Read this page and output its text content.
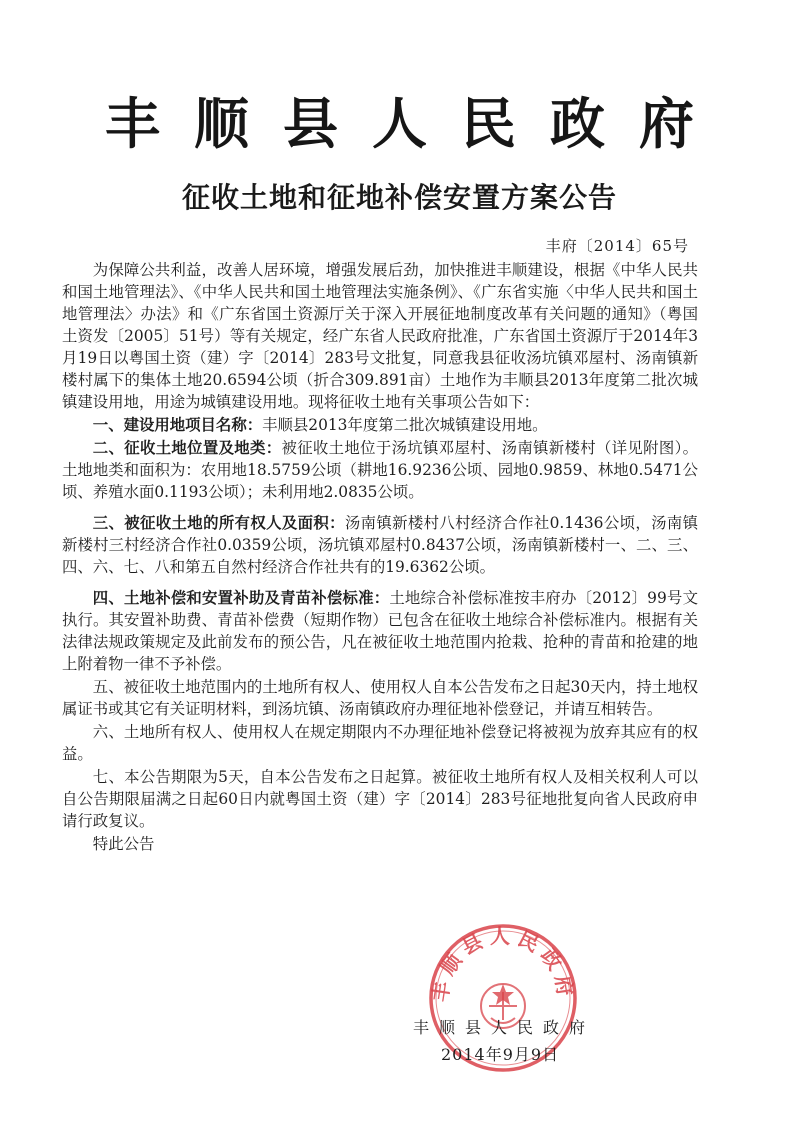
丰顺县人民政府
征收土地和征地补偿安置方案公告
丰府〔2014〕65号

为保障公共利益，改善人居环境，增强发展后劲，加快推进丰顺建设，根据《中华人民共和国土地管理法》、《中华人民共和国土地管理法实施条例》、《广东省实施〈中华人民共和国土地管理法〉办法》和《广东省国土资源厅关于深入开展征地制度改革有关问题的通知》（粤国土资发〔2005〕51号）等有关规定，经广东省人民政府批准，广东省国土资源厅于2014年3月19日以粤国土资（建）字〔2014〕283号文批复，同意我县征收汤坑镇邓屋村、汤南镇新楼村属下的集体土地20.6594公顷（折合309.891亩）土地作为丰顺县2013年度第二批次城镇建设用地，用途为城镇建设用地。现将征收土地有关事项公告如下：

一、建设用地项目名称：丰顺县2013年度第二批次城镇建设用地。

二、征收土地位置及地类：被征收土地位于汤坑镇邓屋村、汤南镇新楼村（详见附图）。土地地类和面积为：农用地18.5759公顷（耕地16.9236公顷、园地0.9859、林地0.5471公顷、养殖水面0.1193公顷）；未利用地2.0835公顷。

三、被征收土地的所有权人及面积：汤南镇新楼村八村经济合作社0.1436公顷，汤南镇新楼村三村经济合作社0.0359公顷，汤坑镇邓屋村0.8437公顷，汤南镇新楼村一、二、三、四、六、七、八和第五自然村经济合作社共有的19.6362公顷。

四、土地补偿和安置补助及青苗补偿标准：土地综合补偿标准按丰府办〔2012〕99号文执行。其安置补助费、青苗补偿费（短期作物）已包含在征收土地综合补偿标准内。根据有关法律法规政策规定及此前发布的预公告，凡在被征收土地范围内抢栽、抢种的青苗和抢建的地上附着物一律不予补偿。

五、被征收土地范围内的土地所有权人、使用权人自本公告发布之日起30天内，持土地权属证书或其它有关证明材料，到汤坑镇、汤南镇政府办理征地补偿登记，并请互相转告。

六、土地所有权人、使用权人在规定期限内不办理征地补偿登记将被视为放弃其应有的权益。

七、本公告期限为5天，自本公告发布之日起算。被征收土地所有权人及相关权利人可以自公告期限届满之日起60日内就粤国土资（建）字〔2014〕283号征地批复向省人民政府申请行政复议。

特此公告

丰顺县人民政府
丰顺县人民政府
2014年9月9日
